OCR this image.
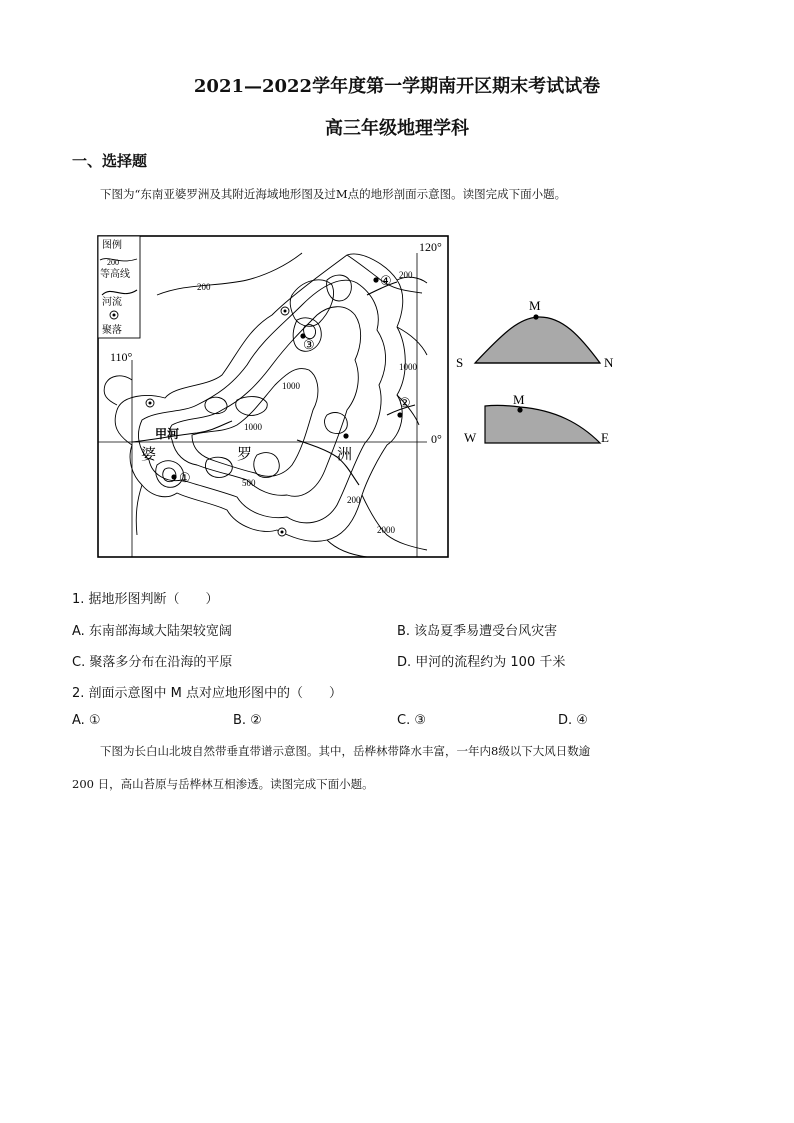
2021—2022学年度第一学期南开区期末考试试卷
高三年级地理学科
一、选择题
下图为“东南亚婆罗洲及其附近海域地形图及过M点的地形剖面示意图。读图完成下面小题。
图例
200
等高线
河流
聚落
110°
120°
0°
甲河
婆	罗	洲
200
200
1000
1000
1000
500
200
2000
①
②
③
④
M
S	N
M
W	E
1. 据地形图判断（　　）
A. 东南部海域大陆架较宽阔	B. 该岛夏季易遭受台风灾害
C. 聚落多分布在沿海的平原	D. 甲河的流程约为 100 千米
2. 剖面示意图中 M 点对应地形图中的（　　）
A. ①	B. ②	C. ③	D. ④
下图为长白山北坡自然带垂直带谱示意图。其中，岳桦林带降水丰富，一年内8级以下大风日数逾
200 日，高山苔原与岳桦林互相渗透。读图完成下面小题。
